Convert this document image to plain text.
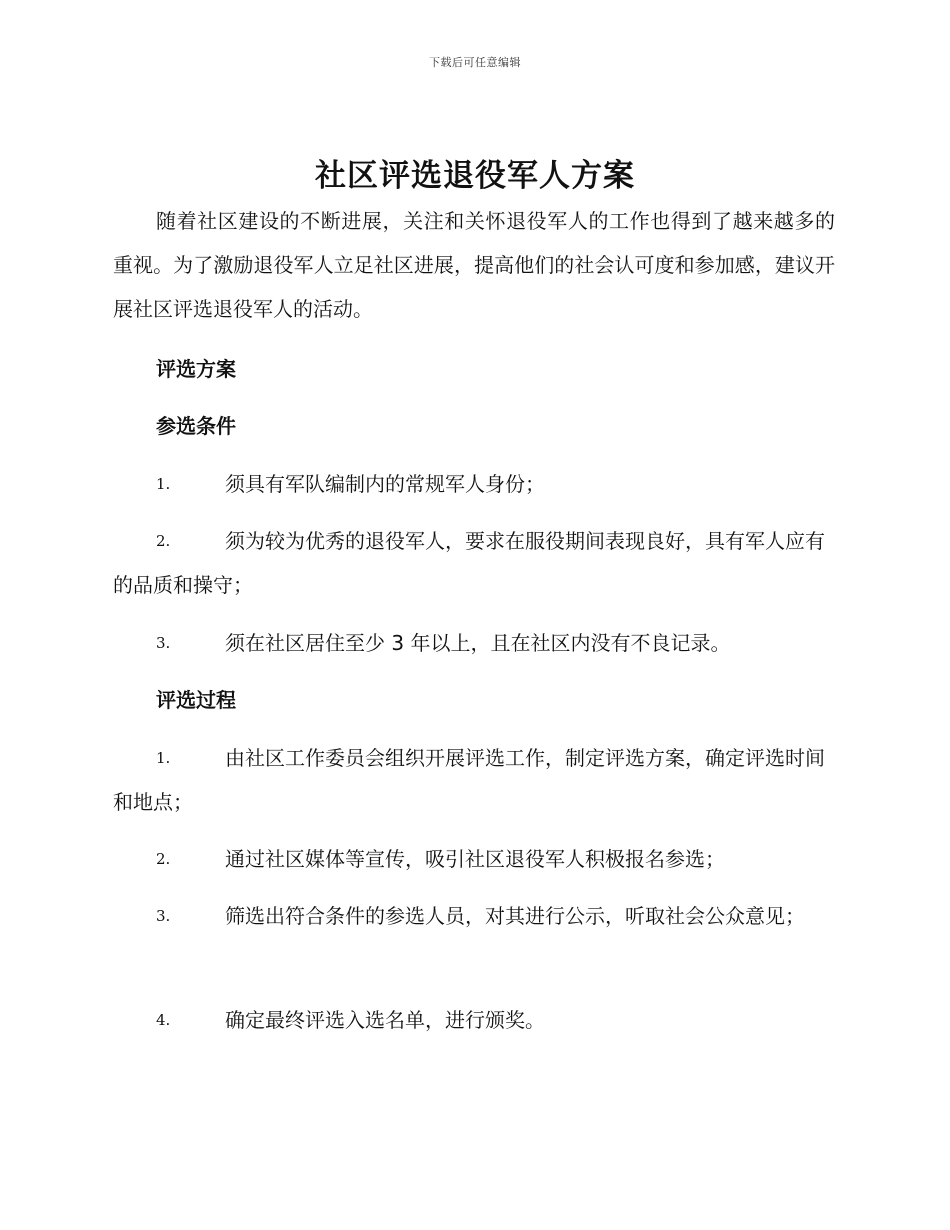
下载后可任意编辑
社区评选退役军人方案

随着社区建设的不断进展，关注和关怀退役军人的工作也得到了越来越多的重视。为了激励退役军人立足社区进展，提高他们的社会认可度和参加感，建议开展社区评选退役军人的活动。

评选方案
参选条件
1.	须具有军队编制内的常规军人身份；
2.	须为较为优秀的退役军人，要求在服役期间表现良好，具有军人应有的品质和操守；
3.	须在社区居住至少 3 年以上，且在社区内没有不良记录。
评选过程
1.	由社区工作委员会组织开展评选工作，制定评选方案，确定评选时间和地点；
2.	通过社区媒体等宣传，吸引社区退役军人积极报名参选；
3.	筛选出符合条件的参选人员，对其进行公示，听取社会公众意见；
4.	确定最终评选入选名单，进行颁奖。
